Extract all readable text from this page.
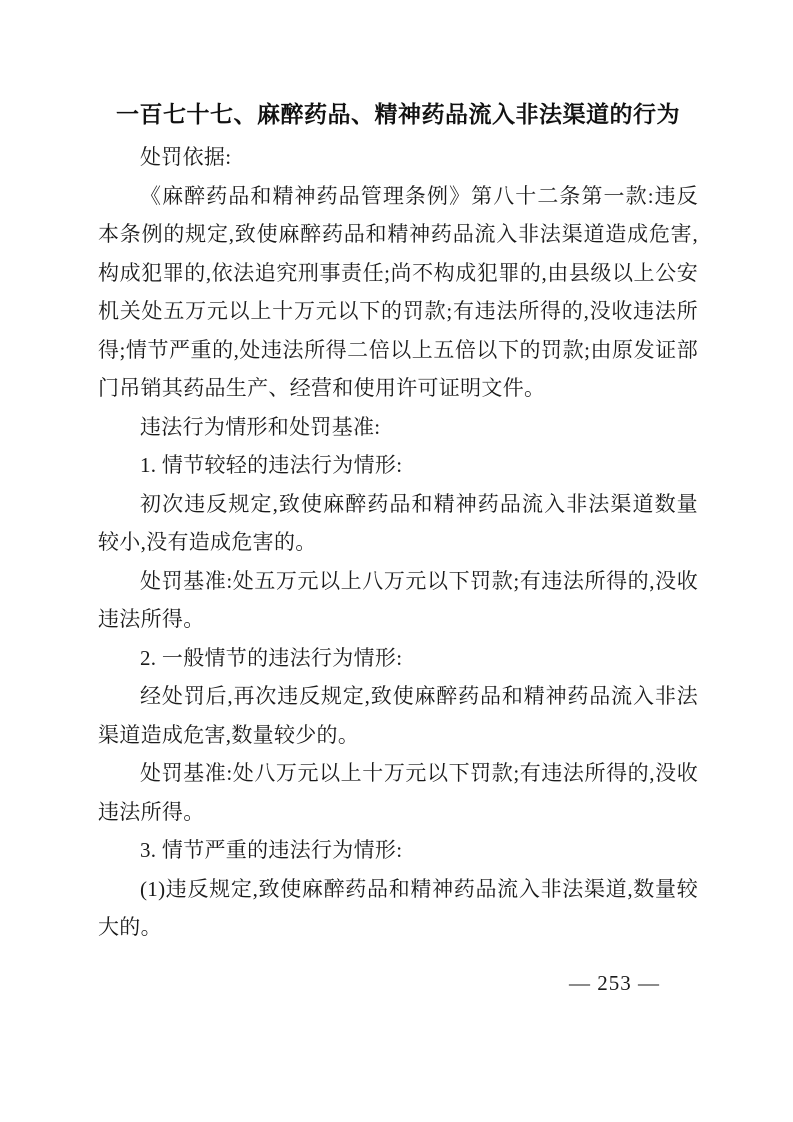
一百七十七、麻醉药品、精神药品流入非法渠道的行为

处罚依据:

《麻醉药品和精神药品管理条例》第八十二条第一款:违反本条例的规定,致使麻醉药品和精神药品流入非法渠道造成危害,构成犯罪的,依法追究刑事责任;尚不构成犯罪的,由县级以上公安机关处五万元以上十万元以下的罚款;有违法所得的,没收违法所得;情节严重的,处违法所得二倍以上五倍以下的罚款;由原发证部门吊销其药品生产、经营和使用许可证明文件。

违法行为情形和处罚基准:

1. 情节较轻的违法行为情形:

初次违反规定,致使麻醉药品和精神药品流入非法渠道数量较小,没有造成危害的。

处罚基准:处五万元以上八万元以下罚款;有违法所得的,没收违法所得。

2. 一般情节的违法行为情形:

经处罚后,再次违反规定,致使麻醉药品和精神药品流入非法渠道造成危害,数量较少的。

处罚基准:处八万元以上十万元以下罚款;有违法所得的,没收违法所得。

3. 情节严重的违法行为情形:

(1)违反规定,致使麻醉药品和精神药品流入非法渠道,数量较大的。

— 253 —
